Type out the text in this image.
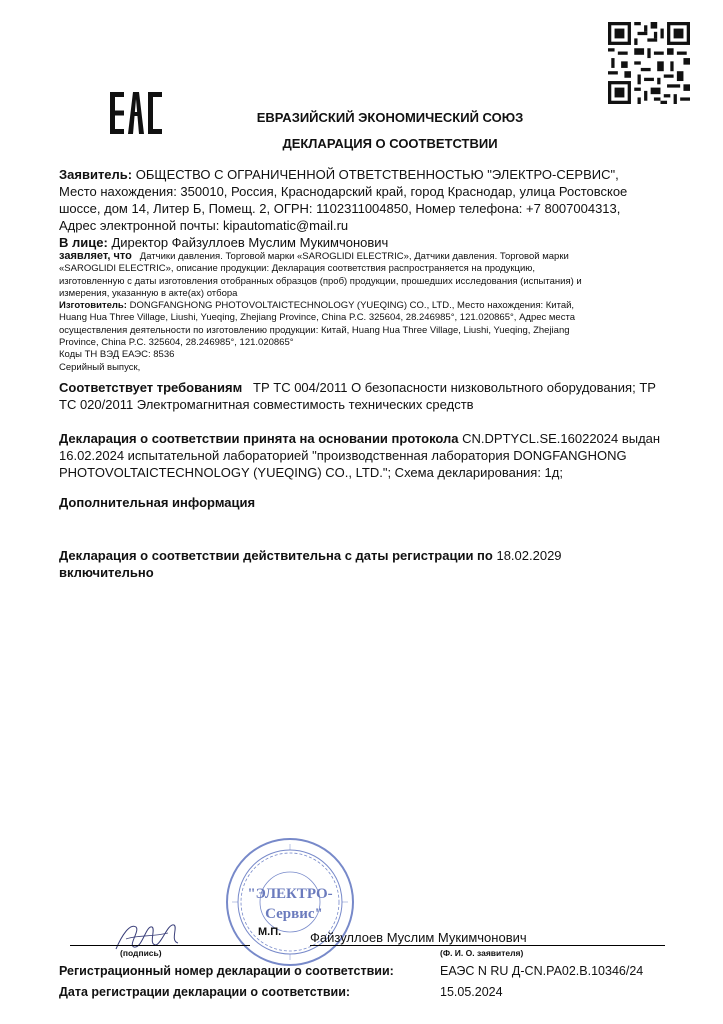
ЕВРАЗИЙСКИЙ ЭКОНОМИЧЕСКИЙ СОЮЗ
ДЕКЛАРАЦИЯ О СООТВЕТСТВИИ
Заявитель: ОБЩЕСТВО С ОГРАНИЧЕННОЙ ОТВЕТСТВЕННОСТЬЮ "ЭЛЕКТРО-СЕРВИС",
Место нахождения: 350010, Россия, Краснодарский край, город Краснодар, улица Ростовское
шоссе, дом 14, Литер Б, Помещ. 2, ОГРН: 1102311004850, Номер телефона: +7 8007004313,
Адрес электронной почты: kipautomatic@mail.ru
В лице: Директор Файзуллоев Муслим Мукимчонович
заявляет, что Датчики давления. Торговой марки «SAROGLIDI ELECTRIC», Датчики давления. Торговой марки
«SAROGLIDI ELECTRIC», описание продукции: Декларация соответствия распространяется на продукцию,
изготовленную с даты изготовления отобранных образцов (проб) продукции, прошедших исследования (испытания) и
измерения, указанную в акте(ах) отбора
Изготовитель: DONGFANGHONG PHOTOVOLTAICTECHNOLOGY (YUEQING) CO., LTD., Место нахождения: Китай,
Huang Hua Three Village, Liushi, Yueqing, Zhejiang Province, China P.C. 325604, 28.246985°, 121.020865°, Адрес места
осуществления деятельности по изготовлению продукции: Китай, Huang Hua Three Village, Liushi, Yueqing, Zhejiang
Province, China P.C. 325604, 28.246985°, 121.020865°
Коды ТН ВЭД ЕАЭС: 8536
Серийный выпуск,
Соответствует требованиям ТР ТС 004/2011 О безопасности низковольтного оборудования; ТР
ТС 020/2011 Электромагнитная совместимость технических средств
Декларация о соответствии принята на основании протокола CN.DPTYCL.SE.16022024 выдан
16.02.2024 испытательной лабораторией "производственная лаборатория DONGFANGHONG
PHOTOVOLTAICTECHNOLOGY (YUEQING) CO., LTD."; Схема декларирования: 1д;
Дополнительная информация
Декларация о соответствии действительна с даты регистрации по 18.02.2029
включительно
"ЭЛЕКТРО-
Сервис"
М.П. Файзуллоев Муслим Мукимчонович
(подпись)	(Ф. И. О. заявителя)
Регистрационный номер декларации о соответствии:	ЕАЭС N RU Д-CN.РА02.В.10346/24
Дата регистрации декларации о соответствии:	15.05.2024
